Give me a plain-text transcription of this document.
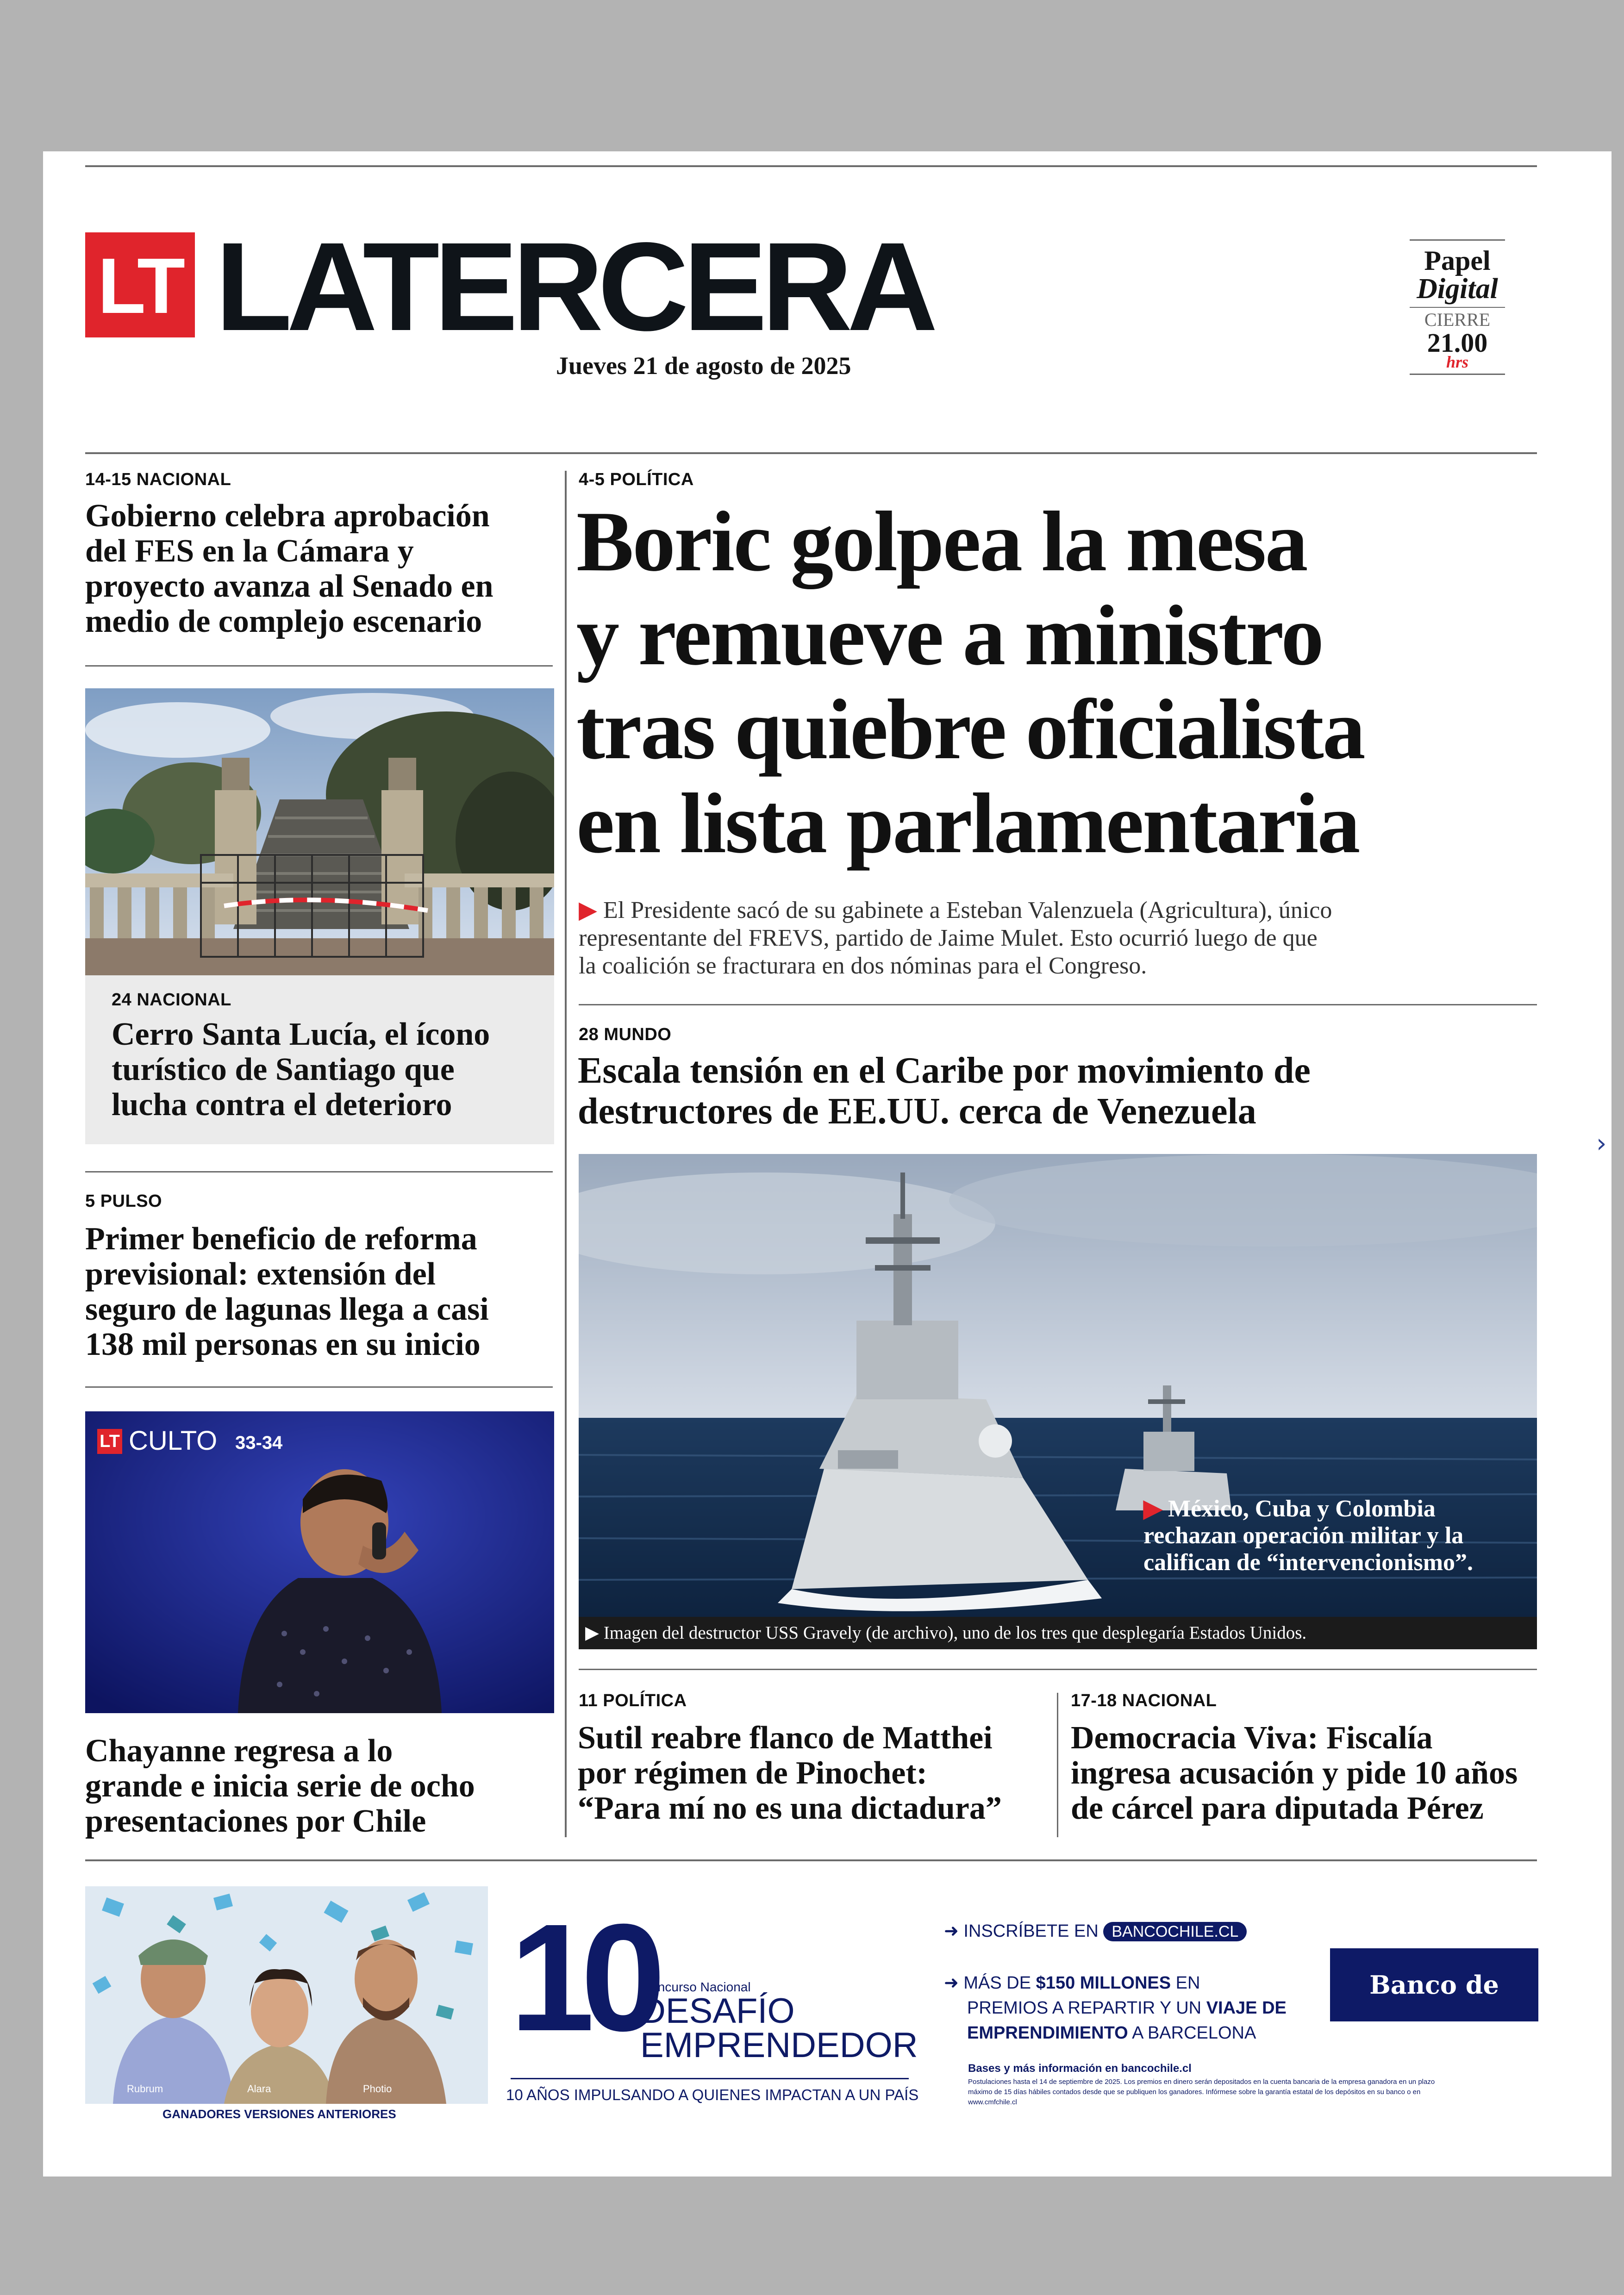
LT LATERCERA
Jueves 21 de agosto de 2025
Papel
Digital
CIERRE
21.00
hrs
14-15 NACIONAL
Gobierno celebra aprobación
del FES en la Cámara y
proyecto avanza al Senado en
medio de complejo escenario
24 NACIONAL
Cerro Santa Lucía, el ícono
turístico de Santiago que
lucha contra el deterioro
5 PULSO
Primer beneficio de reforma
previsional: extensión del
seguro de lagunas llega a casi
138 mil personas en su inicio
LT CULTO 33-34
Chayanne regresa a lo
grande e inicia serie de ocho
presentaciones por Chile
4-5 POLÍTICA
Boric golpea la mesa
y remueve a ministro
tras quiebre oficialista
en lista parlamentaria
▶ El Presidente sacó de su gabinete a Esteban Valenzuela (Agricultura), único
representante del FREVS, partido de Jaime Mulet. Esto ocurrió luego de que
la coalición se fracturara en dos nóminas para el Congreso.
28 MUNDO
Escala tensión en el Caribe por movimiento de
destructores de EE.UU. cerca de Venezuela
▶ México, Cuba y Colombia
rechazan operación militar y la
califican de “intervencionismo”.
▶ Imagen del destructor USS Gravely (de archivo), uno de los tres que desplegaría Estados Unidos.
11 POLÍTICA
Sutil reabre flanco de Matthei
por régimen de Pinochet:
“Para mí no es una dictadura”
17-18 NACIONAL
Democracia Viva: Fiscalía
ingresa acusación y pide 10 años
de cárcel para diputada Pérez
Rubrum	Alara	Photio
GANADORES VERSIONES ANTERIORES
10
Concurso Nacional
DESAFÍO
EMPRENDEDOR
10 AÑOS IMPULSANDO A QUIENES IMPACTAN A UN PAÍS
➜ INSCRÍBETE EN BANCOCHILE.CL
➜ MÁS DE $150 MILLONES EN
PREMIOS A REPARTIR Y UN VIAJE DE
EMPRENDIMIENTO A BARCELONA
Bases y más información en bancochile.cl
Postulaciones hasta el 14 de septiembre de 2025. Los premios en dinero serán depositados en la cuenta bancaria de la empresa ganadora en un plazo
máximo de 15 días hábiles contados desde que se publiquen los ganadores. Infórmese sobre la garantía estatal de los depósitos en su banco o en
www.cmfchile.cl
Banco de Chile
›
